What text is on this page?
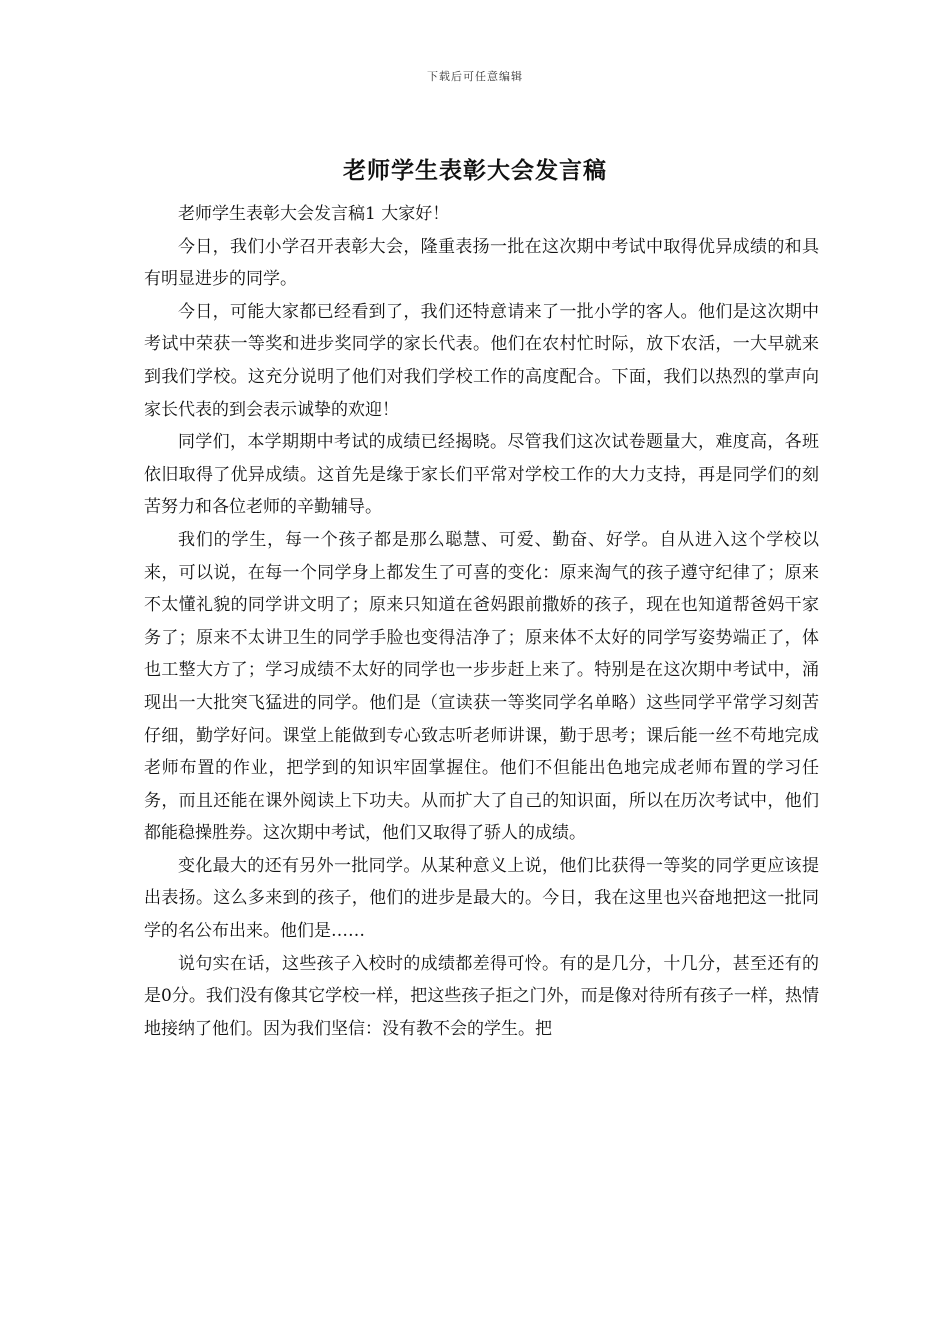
下载后可任意编辑
老师学生表彰大会发言稿

老师学生表彰大会发言稿1 大家好！

今日，我们小学召开表彰大会，隆重表扬一批在这次期中考试中取得优异成绩的和具有明显进步的同学。

今日，可能大家都已经看到了，我们还特意请来了一批小学的客人。他们是这次期中考试中荣获一等奖和进步奖同学的家长代表。他们在农村忙时际，放下农活，一大早就来到我们学校。这充分说明了他们对我们学校工作的高度配合。下面，我们以热烈的掌声向家长代表的到会表示诚挚的欢迎！

同学们，本学期期中考试的成绩已经揭晓。尽管我们这次试卷题量大，难度高，各班依旧取得了优异成绩。这首先是缘于家长们平常对学校工作的大力支持，再是同学们的刻苦努力和各位老师的辛勤辅导。

我们的学生，每一个孩子都是那么聪慧、可爱、勤奋、好学。自从进入这个学校以来，可以说，在每一个同学身上都发生了可喜的变化：原来淘气的孩子遵守纪律了；原来不太懂礼貌的同学讲文明了；原来只知道在爸妈跟前撒娇的孩子，现在也知道帮爸妈干家务了；原来不太讲卫生的同学手脸也变得洁净了；原来体不太好的同学写姿势端正了，体也工整大方了；学习成绩不太好的同学也一步步赶上来了。特别是在这次期中考试中，涌现出一大批突飞猛进的同学。他们是（宣读获一等奖同学名单略）这些同学平常学习刻苦仔细，勤学好问。课堂上能做到专心致志听老师讲课，勤于思考；课后能一丝不苟地完成老师布置的作业，把学到的知识牢固掌握住。他们不但能出色地完成老师布置的学习任务，而且还能在课外阅读上下功夫。从而扩大了自己的知识面，所以在历次考试中，他们都能稳操胜券。这次期中考试，他们又取得了骄人的成绩。

变化最大的还有另外一批同学。从某种意义上说，他们比获得一等奖的同学更应该提出表扬。这么多来到的孩子，他们的进步是最大的。今日，我在这里也兴奋地把这一批同学的名公布出来。他们是……

说句实在话，这些孩子入校时的成绩都差得可怜。有的是几分，十几分，甚至还有的是0分。我们没有像其它学校一样，把这些孩子拒之门外，而是像对待所有孩子一样，热情地接纳了他们。因为我们坚信：没有教不会的学生。把
